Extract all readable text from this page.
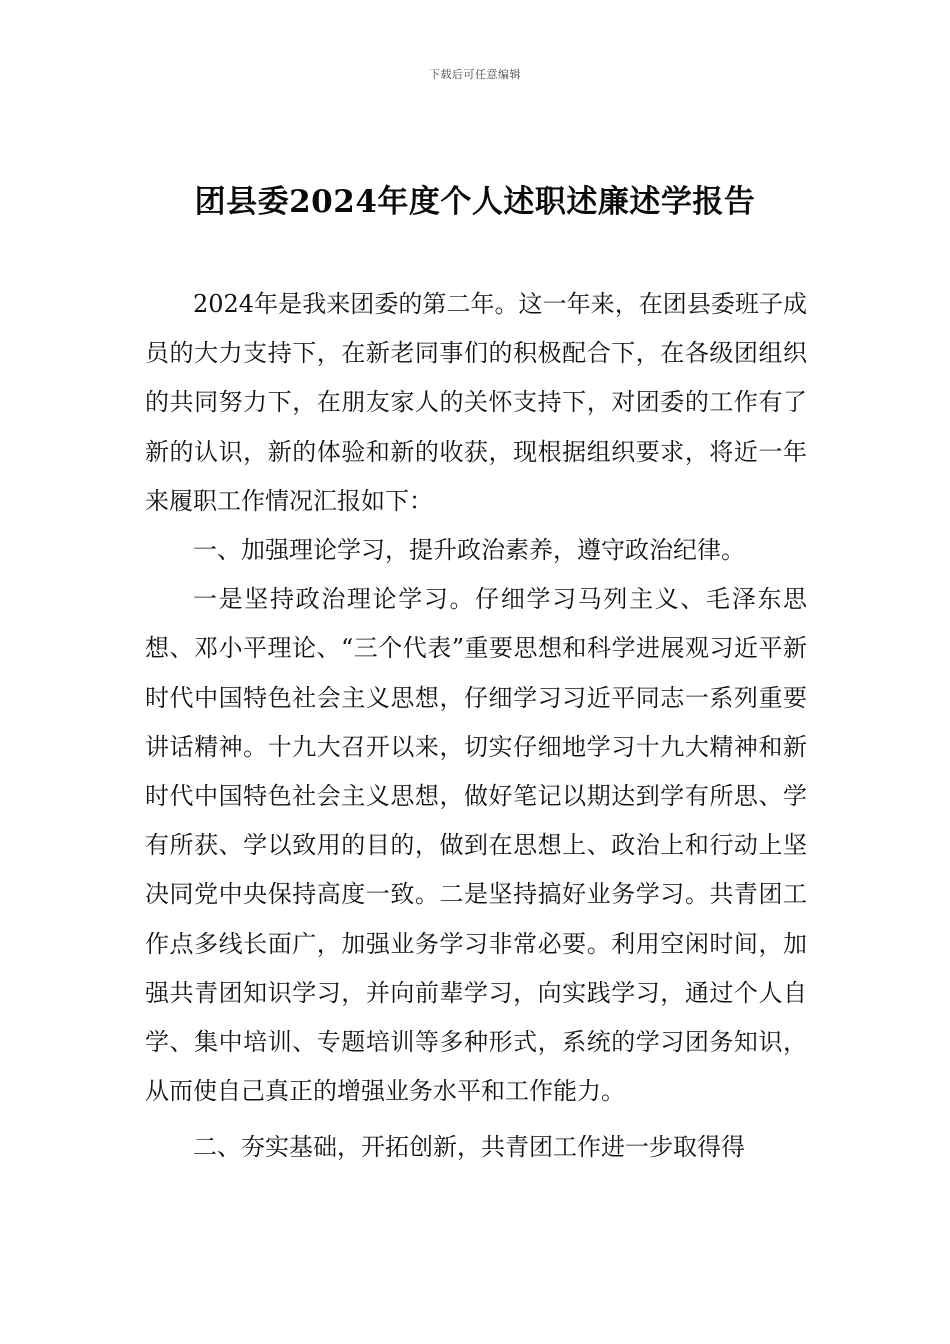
下载后可任意编辑
团县委2024年度个人述职述廉述学报告

2024年是我来团委的第二年。这一年来，在团县委班子成员的大力支持下，在新老同事们的积极配合下，在各级团组织的共同努力下，在朋友家人的关怀支持下，对团委的工作有了新的认识，新的体验和新的收获，现根据组织要求，将近一年来履职工作情况汇报如下：

一、加强理论学习，提升政治素养，遵守政治纪律。

一是坚持政治理论学习。仔细学习马列主义、毛泽东思想、邓小平理论、“三个代表”重要思想和科学进展观习近平新时代中国特色社会主义思想，仔细学习习近平同志一系列重要讲话精神。十九大召开以来，切实仔细地学习十九大精神和新时代中国特色社会主义思想，做好笔记以期达到学有所思、学有所获、学以致用的目的，做到在思想上、政治上和行动上坚决同党中央保持高度一致。二是坚持搞好业务学习。共青团工作点多线长面广，加强业务学习非常必要。利用空闲时间，加强共青团知识学习，并向前辈学习，向实践学习，通过个人自学、集中培训、专题培训等多种形式，系统的学习团务知识，从而使自己真正的增强业务水平和工作能力。

二、夯实基础，开拓创新，共青团工作进一步取得得
